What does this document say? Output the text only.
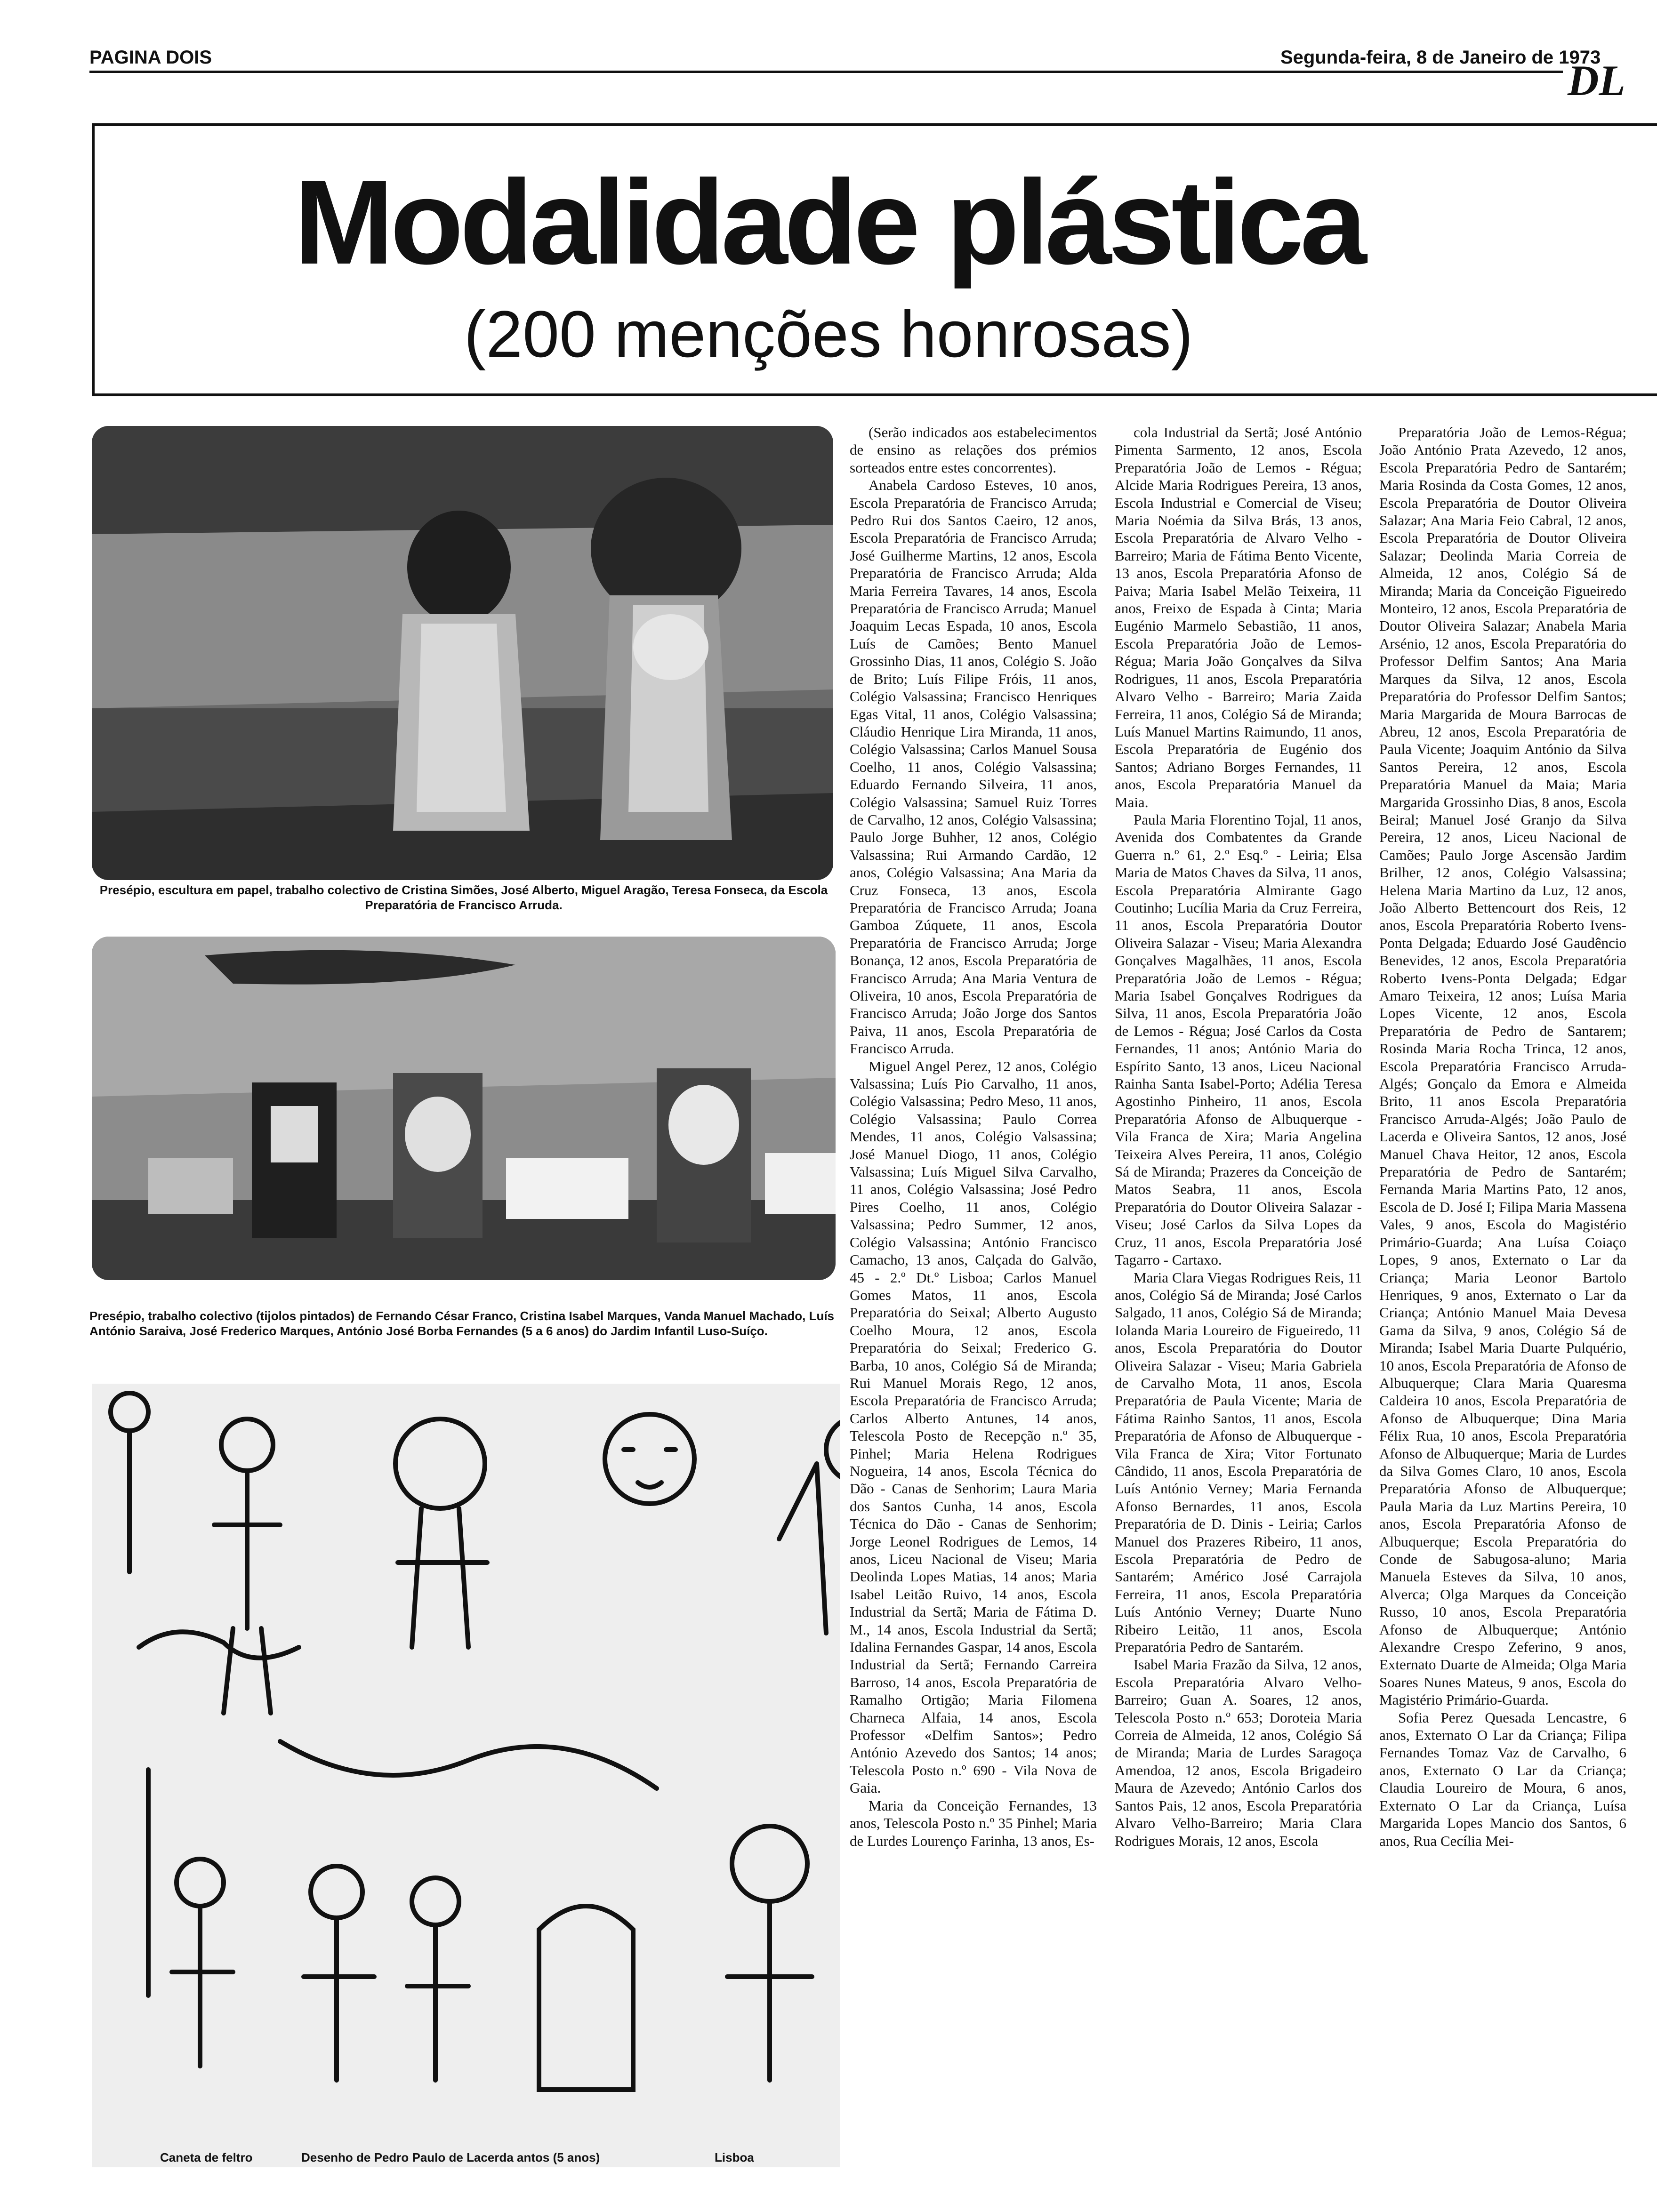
PAGINA DOIS	Segunda-feira, 8 de Janeiro de 1973
DL
Modalidade plástica
(200 menções honrosas)
Presépio, escultura em papel, trabalho colectivo de Cristina Simões, José Alberto, Miguel Aragão, Teresa Fonseca, da Escola Preparatória de Francisco Arruda.
Presépio, trabalho colectivo (tijolos pintados) de Fernando César Franco, Cristina Isabel Marques, Vanda Manuel Machado, Luís António Saraiva, José Frederico Marques, António José Borba Fernandes (5 a 6 anos) do Jardim Infantil Luso-Suíço.
Caneta de feltro	Desenho de Pedro Paulo de Lacerda antos (5 anos)	Lisboa

(Serão indicados aos estabelecimentos de ensino as relações dos prémios sorteados entre estes concorrentes).

Anabela Cardoso Esteves, 10 anos, Escola Preparatória de Francisco Arruda; Pedro Rui dos Santos Caeiro, 12 anos, Escola Preparatória de Francisco Arruda; José Guilherme Martins, 12 anos, Escola Preparatória de Francisco Arruda; Alda Maria Ferreira Tavares, 14 anos, Escola Preparatória de Francisco Arruda; Manuel Joaquim Lecas Espada, 10 anos, Escola Luís de Camões; Bento Manuel Grossinho Dias, 11 anos, Colégio S. João de Brito; Luís Filipe Fróis, 11 anos, Colégio Valsassina; Francisco Henriques Egas Vital, 11 anos, Colégio Valsassina; Cláudio Henrique Lira Miranda, 11 anos, Colégio Valsassina; Carlos Manuel Sousa Coelho, 11 anos, Colégio Valsassina; Eduardo Fernando Silveira, 11 anos, Colégio Valsassina; Samuel Ruiz Torres de Carvalho, 12 anos, Colégio Valsassina; Paulo Jorge Buhher, 12 anos, Colégio Valsassina; Rui Armando Cardão, 12 anos, Colégio Valsassina; Ana Maria da Cruz Fonseca, 13 anos, Escola Preparatória de Francisco Arruda; Joana Gamboa Zúquete, 11 anos, Escola Preparatória de Francisco Arruda; Jorge Bonança, 12 anos, Escola Preparatória de Francisco Arruda; Ana Maria Ventura de Oliveira, 10 anos, Escola Preparatória de Francisco Arruda; João Jorge dos Santos Paiva, 11 anos, Escola Preparatória de Francisco Arruda.

Miguel Angel Perez, 12 anos, Colégio Valsassina; Luís Pio Carvalho, 11 anos, Colégio Valsassina; Pedro Meso, 11 anos, Colégio Valsassina; Paulo Correa Mendes, 11 anos, Colégio Valsassina; José Manuel Diogo, 11 anos, Colégio Valsassina; Luís Miguel Silva Carvalho, 11 anos, Colégio Valsassina; José Pedro Pires Coelho, 11 anos, Colégio Valsassina; Pedro Summer, 12 anos, Colégio Valsassina; António Francisco Camacho, 13 anos, Calçada do Galvão, 45 - 2.º Dt.º Lisboa; Carlos Manuel Gomes Matos, 11 anos, Escola Preparatória do Seixal; Alberto Augusto Coelho Moura, 12 anos, Escola Preparatória do Seixal; Frederico G. Barba, 10 anos, Colégio Sá de Miranda; Rui Manuel Morais Rego, 12 anos, Escola Preparatória de Francisco Arruda; Carlos Alberto Antunes, 14 anos, Telescola Posto de Recepção n.º 35, Pinhel; Maria Helena Rodrigues Nogueira, 14 anos, Escola Técnica do Dão - Canas de Senhorim; Laura Maria dos Santos Cunha, 14 anos, Escola Técnica do Dão - Canas de Senhorim; Jorge Leonel Rodrigues de Lemos, 14 anos, Liceu Nacional de Viseu; Maria Deolinda Lopes Matias, 14 anos; Maria Isabel Leitão Ruivo, 14 anos, Escola Industrial da Sertã; Maria de Fátima D. M., 14 anos, Escola Industrial da Sertã; Idalina Fernandes Gaspar, 14 anos, Escola Industrial da Sertã; Fernando Carreira Barroso, 14 anos, Escola Preparatória de Ramalho Ortigão; Maria Filomena Charneca Alfaia, 14 anos, Escola Professor «Delfim Santos»; Pedro António Azevedo dos Santos; 14 anos; Telescola Posto n.º 690 - Vila Nova de Gaia.

Maria da Conceição Fernandes, 13 anos, Telescola Posto n.º 35 Pinhel; Maria de Lurdes Lourenço Farinha, 13 anos, Es-

cola Industrial da Sertã; José António Pimenta Sarmento, 12 anos, Escola Preparatória João de Lemos - Régua; Alcide Maria Rodrigues Pereira, 13 anos, Escola Industrial e Comercial de Viseu; Maria Noémia da Silva Brás, 13 anos, Escola Preparatória de Alvaro Velho - Barreiro; Maria de Fátima Bento Vicente, 13 anos, Escola Preparatória Afonso de Paiva; Maria Isabel Melão Teixeira, 11 anos, Freixo de Espada à Cinta; Maria Eugénio Marmelo Sebastião, 11 anos, Escola Preparatória João de Lemos-Régua; Maria João Gonçalves da Silva Rodrigues, 11 anos, Escola Preparatória Alvaro Velho - Barreiro; Maria Zaida Ferreira, 11 anos, Colégio Sá de Miranda; Luís Manuel Martins Raimundo, 11 anos, Escola Preparatória de Eugénio dos Santos; Adriano Borges Fernandes, 11 anos, Escola Preparatória Manuel da Maia.

Paula Maria Florentino Tojal, 11 anos, Avenida dos Combatentes da Grande Guerra n.º 61, 2.º Esq.º - Leiria; Elsa Maria de Matos Chaves da Silva, 11 anos, Escola Preparatória Almirante Gago Coutinho; Lucília Maria da Cruz Ferreira, 11 anos, Escola Preparatória Doutor Oliveira Salazar - Viseu; Maria Alexandra Gonçalves Magalhães, 11 anos, Escola Preparatória João de Lemos - Régua; Maria Isabel Gonçalves Rodrigues da Silva, 11 anos, Escola Preparatória João de Lemos - Régua; José Carlos da Costa Fernandes, 11 anos; António Maria do Espírito Santo, 13 anos, Liceu Nacional Rainha Santa Isabel-Porto; Adélia Teresa Agostinho Pinheiro, 11 anos, Escola Preparatória Afonso de Albuquerque - Vila Franca de Xira; Maria Angelina Teixeira Alves Pereira, 11 anos, Colégio Sá de Miranda; Prazeres da Conceição de Matos Seabra, 11 anos, Escola Preparatória do Doutor Oliveira Salazar - Viseu; José Carlos da Silva Lopes da Cruz, 11 anos, Escola Preparatória José Tagarro - Cartaxo.

Maria Clara Viegas Rodrigues Reis, 11 anos, Colégio Sá de Miranda; José Carlos Salgado, 11 anos, Colégio Sá de Miranda; Iolanda Maria Loureiro de Figueiredo, 11 anos, Escola Preparatória do Doutor Oliveira Salazar - Viseu; Maria Gabriela de Carvalho Mota, 11 anos, Escola Preparatória de Paula Vicente; Maria de Fátima Rainho Santos, 11 anos, Escola Preparatória de Afonso de Albuquerque - Vila Franca de Xira; Vitor Fortunato Cândido, 11 anos, Escola Preparatória de Luís António Verney; Maria Fernanda Afonso Bernardes, 11 anos, Escola Preparatória de D. Dinis - Leiria; Carlos Manuel dos Prazeres Ribeiro, 11 anos, Escola Preparatória de Pedro de Santarém; Américo José Carrajola Ferreira, 11 anos, Escola Preparatória Luís António Verney; Duarte Nuno Ribeiro Leitão, 11 anos, Escola Preparatória Pedro de Santarém.

Isabel Maria Frazão da Silva, 12 anos, Escola Preparatória Alvaro Velho-Barreiro; Guan A. Soares, 12 anos, Telescola Posto n.º 653; Doroteia Maria Correia de Almeida, 12 anos, Colégio Sá de Miranda; Maria de Lurdes Saragoça Amendoa, 12 anos, Escola Brigadeiro Maura de Azevedo; António Carlos dos Santos Pais, 12 anos, Escola Preparatória Alvaro Velho-Barreiro; Maria Clara Rodrigues Morais, 12 anos, Escola

Preparatória João de Lemos-Régua; João António Prata Azevedo, 12 anos, Escola Preparatória Pedro de Santarém; Maria Rosinda da Costa Gomes, 12 anos, Escola Preparatória de Doutor Oliveira Salazar; Ana Maria Feio Cabral, 12 anos, Escola Preparatória de Doutor Oliveira Salazar; Deolinda Maria Correia de Almeida, 12 anos, Colégio Sá de Miranda; Maria da Conceição Figueiredo Monteiro, 12 anos, Escola Preparatória de Doutor Oliveira Salazar; Anabela Maria Arsénio, 12 anos, Escola Preparatória do Professor Delfim Santos; Ana Maria Marques da Silva, 12 anos, Escola Preparatória do Professor Delfim Santos; Maria Margarida de Moura Barrocas de Abreu, 12 anos, Escola Preparatória de Paula Vicente; Joaquim António da Silva Santos Pereira, 12 anos, Escola Preparatória Manuel da Maia; Maria Margarida Grossinho Dias, 8 anos, Escola Beiral; Manuel José Granjo da Silva Pereira, 12 anos, Liceu Nacional de Camões; Paulo Jorge Ascensão Jardim Brilher, 12 anos, Colégio Valsassina; Helena Maria Martino da Luz, 12 anos, João Alberto Bettencourt dos Reis, 12 anos, Escola Preparatória Roberto Ivens-Ponta Delgada; Eduardo José Gaudêncio Benevides, 12 anos, Escola Preparatória Roberto Ivens-Ponta Delgada; Edgar Amaro Teixeira, 12 anos; Luísa Maria Lopes Vicente, 12 anos, Escola Preparatória de Pedro de Santarem; Rosinda Maria Rocha Trinca, 12 anos, Escola Preparatória Francisco Arruda-Algés; Gonçalo da Emora e Almeida Brito, 11 anos Escola Preparatória Francisco Arruda-Algés; João Paulo de Lacerda e Oliveira Santos, 12 anos, José Manuel Chava Heitor, 12 anos, Escola Preparatória de Pedro de Santarém; Fernanda Maria Martins Pato, 12 anos, Escola de D. José I; Filipa Maria Massena Vales, 9 anos, Escola do Magistério Primário-Guarda; Ana Luísa Coiaço Lopes, 9 anos, Externato o Lar da Criança; Maria Leonor Bartolo Henriques, 9 anos, Externato o Lar da Criança; António Manuel Maia Devesa Gama da Silva, 9 anos, Colégio Sá de Miranda; Isabel Maria Duarte Pulquério, 10 anos, Escola Preparatória de Afonso de Albuquerque; Clara Maria Quaresma Caldeira 10 anos, Escola Preparatória de Afonso de Albuquerque; Dina Maria Félix Rua, 10 anos, Escola Preparatória Afonso de Albuquerque; Maria de Lurdes da Silva Gomes Claro, 10 anos, Escola Preparatória Afonso de Albuquerque; Paula Maria da Luz Martins Pereira, 10 anos, Escola Preparatória Afonso de Albuquerque; Escola Preparatória do Conde de Sabugosa-aluno; Maria Manuela Esteves da Silva, 10 anos, Alverca; Olga Marques da Conceição Russo, 10 anos, Escola Preparatória Afonso de Albuquerque; António Alexandre Crespo Zeferino, 9 anos, Externato Duarte de Almeida; Olga Maria Soares Nunes Mateus, 9 anos, Escola do Magistério Primário-Guarda.

Sofia Perez Quesada Lencastre, 6 anos, Externato O Lar da Criança; Filipa Fernandes Tomaz Vaz de Carvalho, 6 anos, Externato O Lar da Criança; Claudia Loureiro de Moura, 6 anos, Externato O Lar da Criança, Luísa Margarida Lopes Mancio dos Santos, 6 anos, Rua Cecília Mei-
